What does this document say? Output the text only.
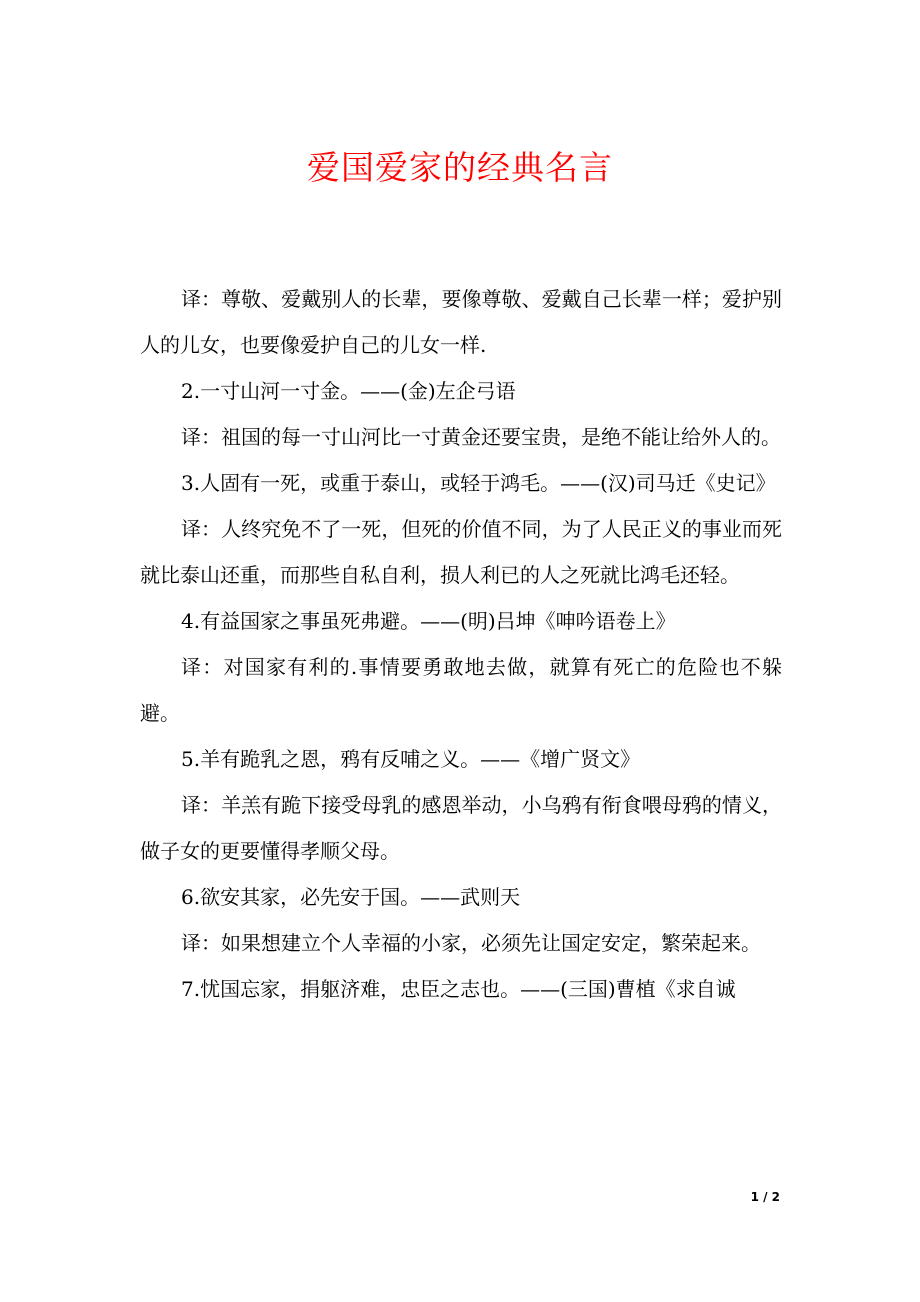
爱国爱家的经典名言

译：尊敬、爱戴别人的长辈，要像尊敬、爱戴自己长辈一样；爱护别人的儿女，也要像爱护自己的儿女一样.

2.一寸山河一寸金。——(金)左企弓语

译：祖国的每一寸山河比一寸黄金还要宝贵，是绝不能让给外人的。

3.人固有一死，或重于泰山，或轻于鸿毛。——(汉)司马迁《史记》

译：人终究免不了一死，但死的价值不同，为了人民正义的事业而死就比泰山还重，而那些自私自利，损人利已的人之死就比鸿毛还轻。

4.有益国家之事虽死弗避。——(明)吕坤《呻吟语卷上》

译：对国家有利的.事情要勇敢地去做，就算有死亡的危险也不躲避。

5.羊有跪乳之恩，鸦有反哺之义。——《增广贤文》

译：羊羔有跪下接受母乳的感恩举动，小乌鸦有衔食喂母鸦的情义，做子女的更要懂得孝顺父母。

6.欲安其家，必先安于国。——武则天

译：如果想建立个人幸福的小家，必须先让国定安定，繁荣起来。

7.忧国忘家，捐躯济难，忠臣之志也。——(三国)曹植《求自诚

1 / 2
